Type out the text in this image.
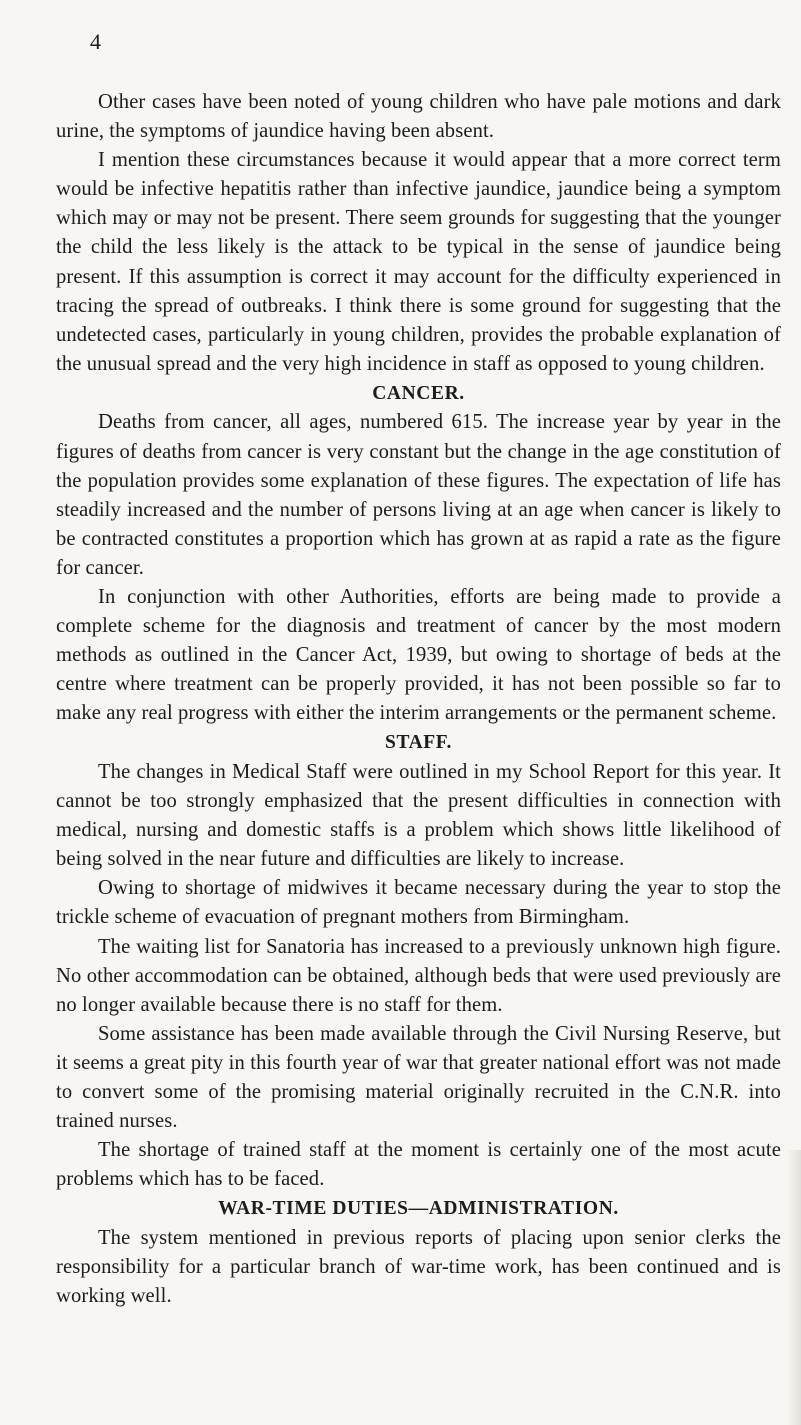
4

Other cases have been noted of young children who have pale motions and dark urine, the symptoms of jaundice having been absent.

I mention these circumstances because it would appear that a more correct term would be infective hepatitis rather than infective jaundice, jaundice being a symptom which may or may not be present. There seem grounds for suggesting that the younger the child the less likely is the attack to be typical in the sense of jaundice being present. If this assumption is correct it may account for the difficulty experienced in tracing the spread of outbreaks. I think there is some ground for suggesting that the undetected cases, particularly in young children, provides the probable explanation of the unusual spread and the very high incidence in staff as opposed to young children.

CANCER.

Deaths from cancer, all ages, numbered 615. The increase year by year in the figures of deaths from cancer is very constant but the change in the age constitution of the population provides some explanation of these figures. The expectation of life has steadily increased and the number of persons living at an age when cancer is likely to be contracted constitutes a proportion which has grown at as rapid a rate as the figure for cancer.

In conjunction with other Authorities, efforts are being made to provide a complete scheme for the diagnosis and treatment of cancer by the most modern methods as outlined in the Cancer Act, 1939, but owing to shortage of beds at the centre where treatment can be properly provided, it has not been possible so far to make any real progress with either the interim arrangements or the permanent scheme.

STAFF.

The changes in Medical Staff were outlined in my School Report for this year. It cannot be too strongly emphasized that the present difficulties in connection with medical, nursing and domestic staffs is a problem which shows little likelihood of being solved in the near future and difficulties are likely to increase.

Owing to shortage of midwives it became necessary during the year to stop the trickle scheme of evacuation of pregnant mothers from Birmingham.

The waiting list for Sanatoria has increased to a previously unknown high figure. No other accommodation can be obtained, although beds that were used previously are no longer available because there is no staff for them.

Some assistance has been made available through the Civil Nursing Reserve, but it seems a great pity in this fourth year of war that greater national effort was not made to convert some of the promising material originally recruited in the C.N.R. into trained nurses.

The shortage of trained staff at the moment is certainly one of the most acute problems which has to be faced.

WAR-TIME DUTIES—ADMINISTRATION.

The system mentioned in previous reports of placing upon senior clerks the responsibility for a particular branch of war-time work, has been continued and is working well.
